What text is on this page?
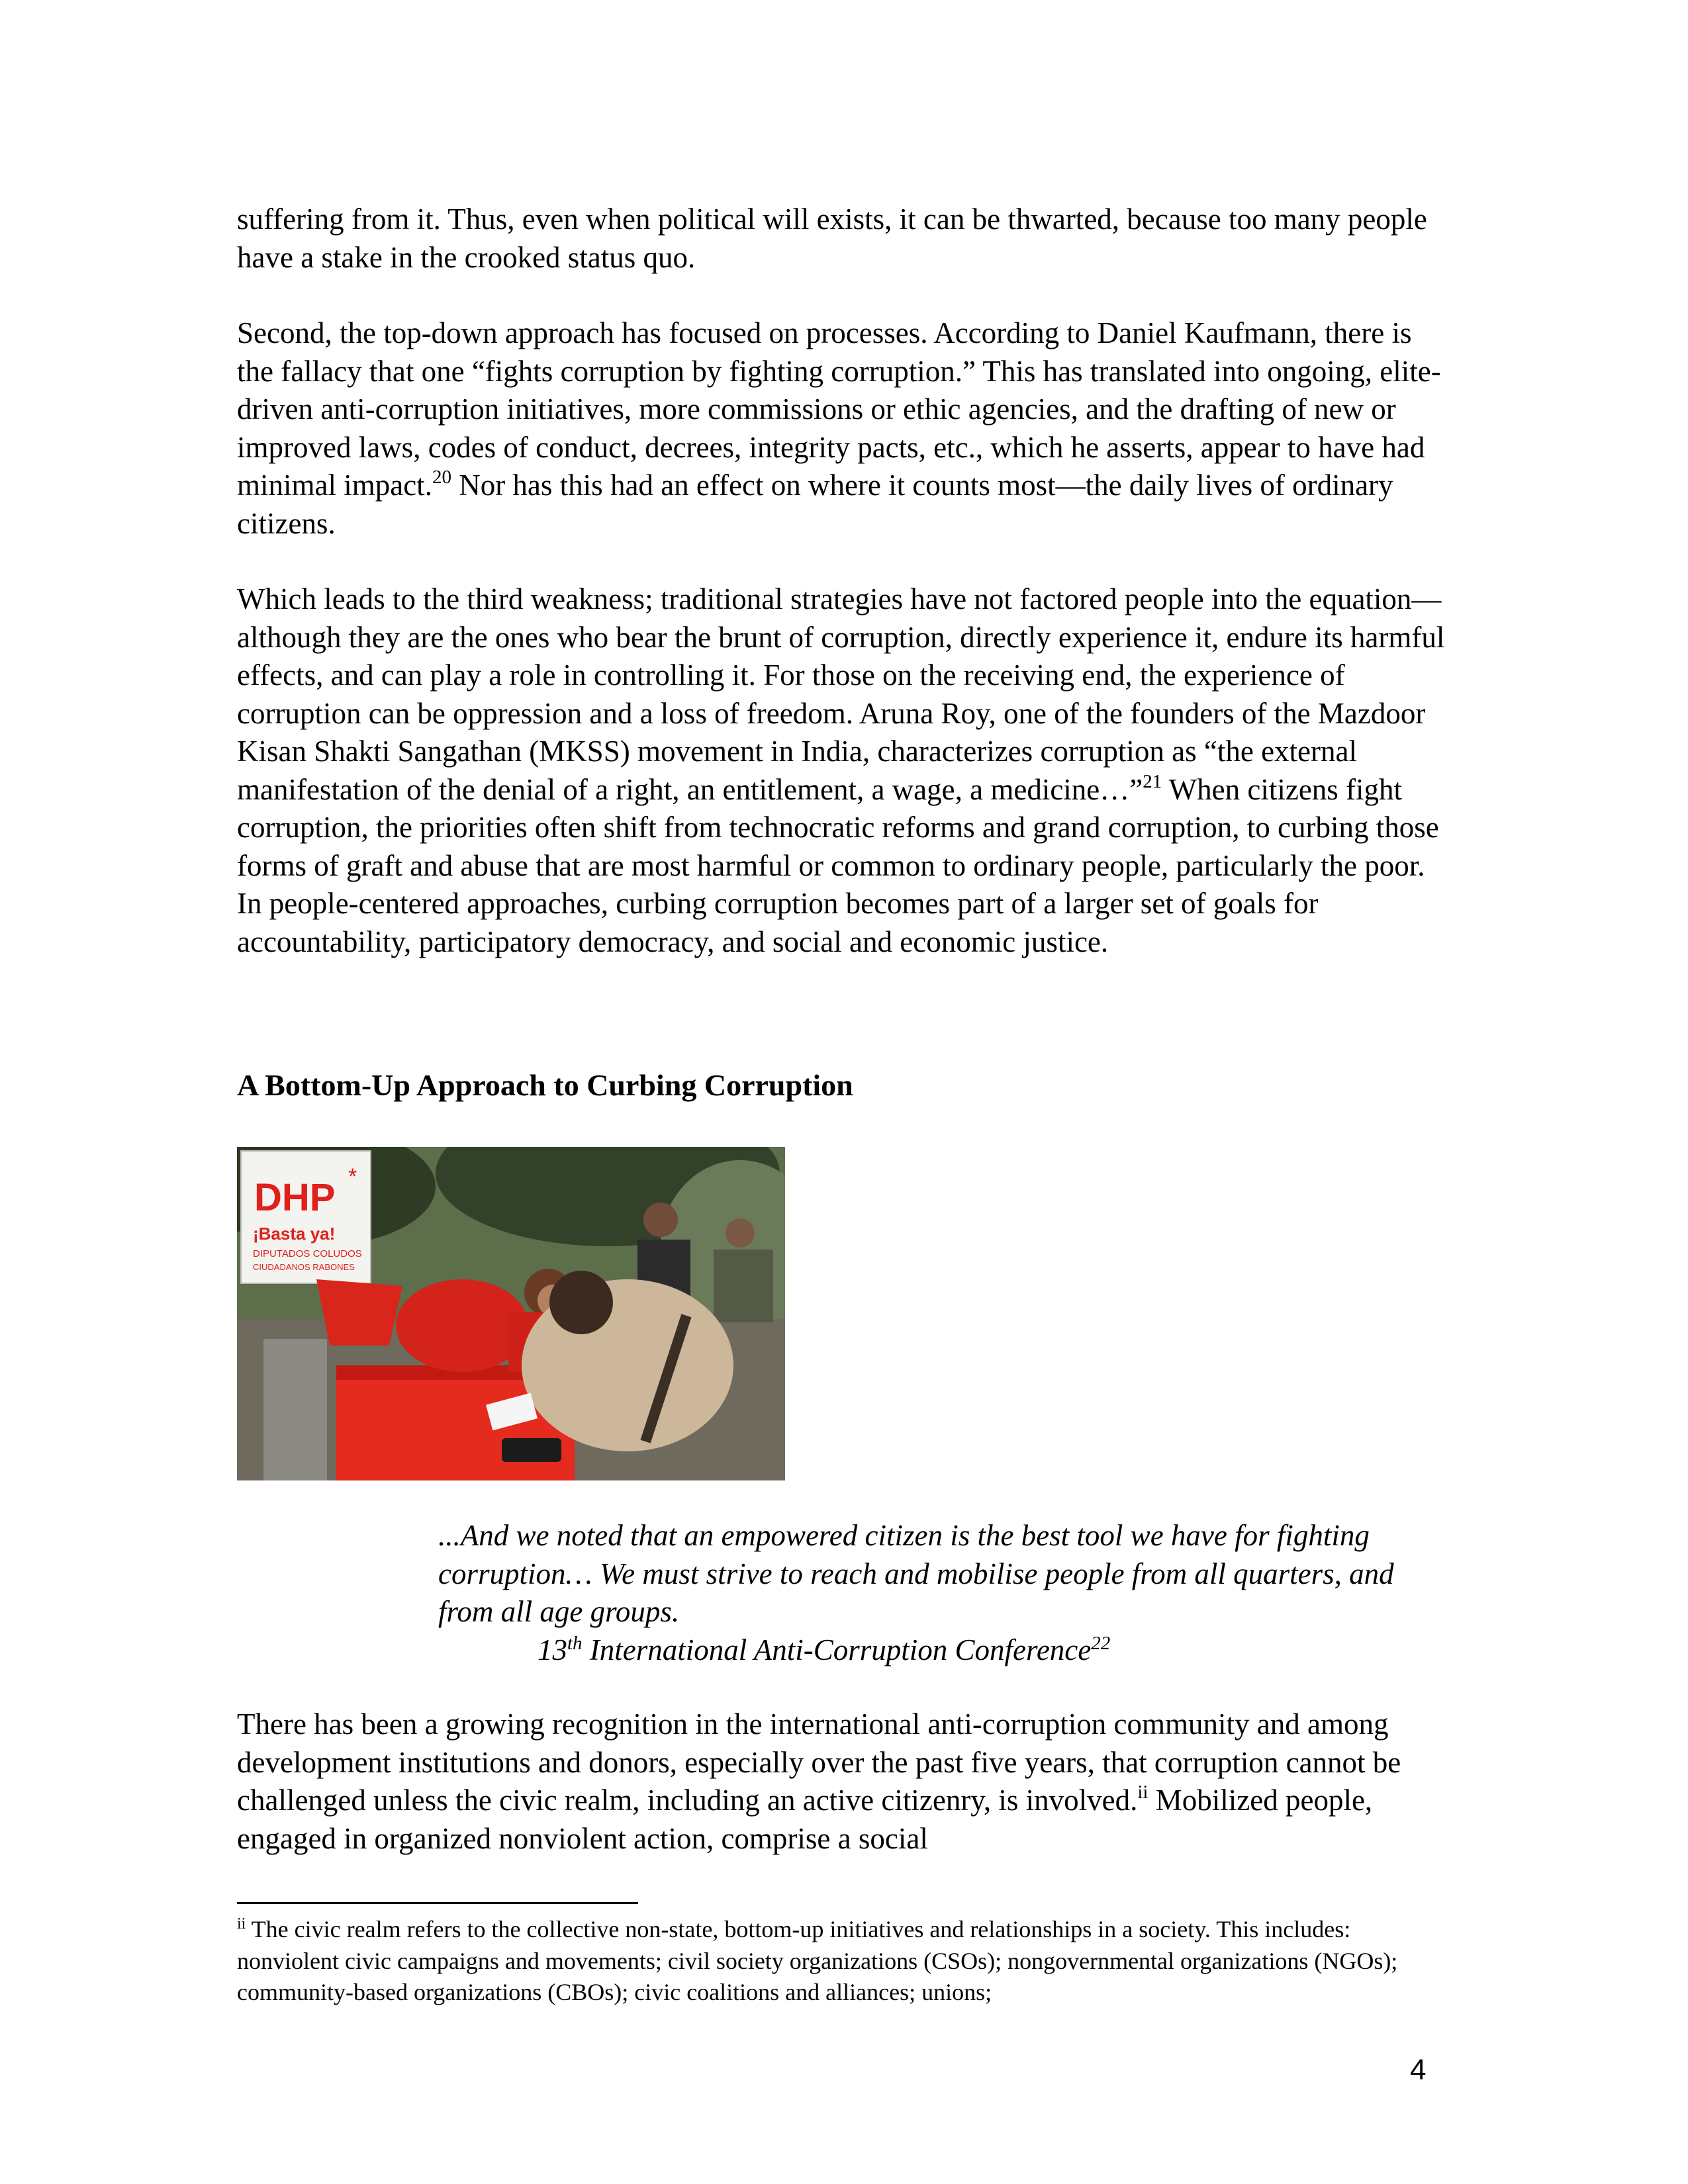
suffering from it. Thus, even when political will exists, it can be thwarted, because too many people have a stake in the crooked status quo.

Second, the top-down approach has focused on processes. According to Daniel Kaufmann, there is the fallacy that one “fights corruption by fighting corruption.” This has translated into ongoing, elite-driven anti-corruption initiatives, more commissions or ethic agencies, and the drafting of new or improved laws, codes of conduct, decrees, integrity pacts, etc., which he asserts, appear to have had minimal impact.$^{20}$ Nor has this had an effect on where it counts most—the daily lives of ordinary citizens.

Which leads to the third weakness; traditional strategies have not factored people into the equation—although they are the ones who bear the brunt of corruption, directly experience it, endure its harmful effects, and can play a role in controlling it. For those on the receiving end, the experience of corruption can be oppression and a loss of freedom. Aruna Roy, one of the founders of the Mazdoor Kisan Shakti Sangathan (MKSS) movement in India, characterizes corruption as “the external manifestation of the denial of a right, an entitlement, a wage, a medicine…”$^{21}$ When citizens fight corruption, the priorities often shift from technocratic reforms and grand corruption, to curbing those forms of graft and abuse that are most harmful or common to ordinary people, particularly the poor. In people-centered approaches, curbing corruption becomes part of a larger set of goals for accountability, participatory democracy, and social and economic justice.

A Bottom-Up Approach to Curbing Corruption
DHP *
¡Basta ya!
DIPUTADOS COLUDOS
CIUDADANOS RABONES

...And we noted that an empowered citizen is the best tool we have for fighting corruption… We must strive to reach and mobilise people from all quarters, and from all age groups.

13th International Anti-Corruption Conference$^{22}$

There has been a growing recognition in the international anti-corruption community and among development institutions and donors, especially over the past five years, that corruption cannot be challenged unless the civic realm, including an active citizenry, is involved.$^{ii}$ Mobilized people, engaged in organized nonviolent action, comprise a social

$^{ii}$ The civic realm refers to the collective non-state, bottom-up initiatives and relationships in a society. This includes: nonviolent civic campaigns and movements; civil society organizations (CSOs); nongovernmental organizations (NGOs); community-based organizations (CBOs); civic coalitions and alliances; unions;

4
